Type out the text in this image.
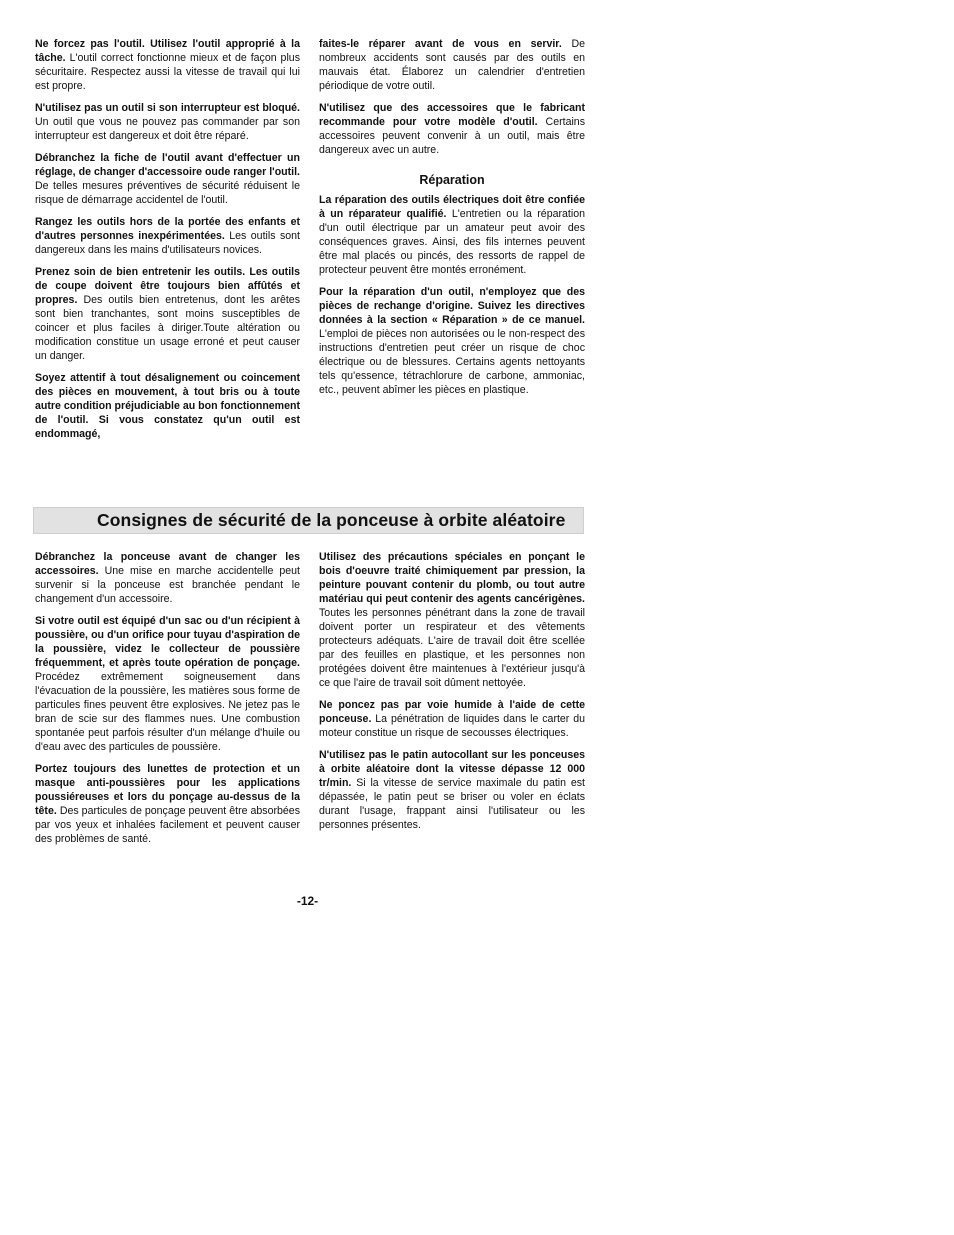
Ne forcez pas l'outil. Utilisez l'outil approprié à la tâche. L'outil correct fonctionne mieux et de façon plus sécuritaire. Respectez aussi la vitesse de travail qui lui est propre.

N'utilisez pas un outil si son interrupteur est bloqué. Un outil que vous ne pouvez pas commander par son interrupteur est dangereux et doit être réparé.

Débranchez la fiche de l'outil avant d'effectuer un réglage, de changer d'accessoire oude ranger l'outil. De telles mesures préventives de sécurité réduisent le risque de démarrage accidentel de l'outil.

Rangez les outils hors de la portée des enfants et d'autres personnes inexpérimentées. Les outils sont dangereux dans les mains d'utilisateurs novices.

Prenez soin de bien entretenir les outils. Les outils de coupe doivent être toujours bien affûtés et propres. Des outils bien entretenus, dont les arêtes sont bien tranchantes, sont moins susceptibles de coincer et plus faciles à diriger.Toute altération ou modification constitue un usage erroné et peut causer un danger.

Soyez attentif à tout désalignement ou coincement des pièces en mouvement, à tout bris ou à toute autre condition préjudiciable au bon fonctionnement de l'outil. Si vous constatez qu'un outil est endommagé,

faites-le réparer avant de vous en servir. De nombreux accidents sont causés par des outils en mauvais état. Élaborez un calendrier d'entretien périodique de votre outil.

N'utilisez que des accessoires que le fabricant recommande pour votre modèle d'outil. Certains accessoires peuvent convenir à un outil, mais être dangereux avec un autre.

Réparation

La réparation des outils électriques doit être confiée à un réparateur qualifié. L'entretien ou la réparation d'un outil électrique par un amateur peut avoir des conséquences graves. Ainsi, des fils internes peuvent être mal placés ou pincés, des ressorts de rappel de protecteur peuvent être montés erronément.

Pour la réparation d'un outil, n'employez que des pièces de rechange d'origine. Suivez les directives données à la section « Réparation » de ce manuel. L'emploi de pièces non autorisées ou le non-respect des instructions d'entretien peut créer un risque de choc électrique ou de blessures. Certains agents nettoyants tels qu'essence, tétrachlorure de carbone, ammoniac, etc., peuvent abîmer les pièces en plastique.

Consignes de sécurité de la ponceuse à orbite aléatoire

Débranchez la ponceuse avant de changer les accessoires. Une mise en marche accidentelle peut survenir si la ponceuse est branchée pendant le changement d'un accessoire.

Si votre outil est équipé d'un sac ou d'un récipient à poussière, ou d'un orifice pour tuyau d'aspiration de la poussière, videz le collecteur de poussière fréquemment, et après toute opération de ponçage. Procédez extrêmement soigneusement dans l'évacuation de la poussière, les matières sous forme de particules fines peuvent être explosives. Ne jetez pas le bran de scie sur des flammes nues. Une combustion spontanée peut parfois résulter d'un mélange d'huile ou d'eau avec des particules de poussière.

Portez toujours des lunettes de protection et un masque anti-poussières pour les applications poussiéreuses et lors du ponçage au-dessus de la tête. Des particules de ponçage peuvent être absorbées par vos yeux et inhalées facilement et peuvent causer des problèmes de santé.

Utilisez des précautions spéciales en ponçant le bois d'oeuvre traité chimiquement par pression, la peinture pouvant contenir du plomb, ou tout autre matériau qui peut contenir des agents cancérigènes. Toutes les personnes pénétrant dans la zone de travail doivent porter un respirateur et des vêtements protecteurs adéquats. L'aire de travail doit être scellée par des feuilles en plastique, et les personnes non protégées doivent être maintenues à l'extérieur jusqu'à ce que l'aire de travail soit dûment nettoyée.

Ne poncez pas par voie humide à l'aide de cette ponceuse. La pénétration de liquides dans le carter du moteur constitue un risque de secousses électriques.

N'utilisez pas le patin autocollant sur les ponceuses à orbite aléatoire dont la vitesse dépasse 12 000 tr/min. Si la vitesse de service maximale du patin est dépassée, le patin peut se briser ou voler en éclats durant l'usage, frappant ainsi l'utilisateur ou les personnes présentes.

-12-
